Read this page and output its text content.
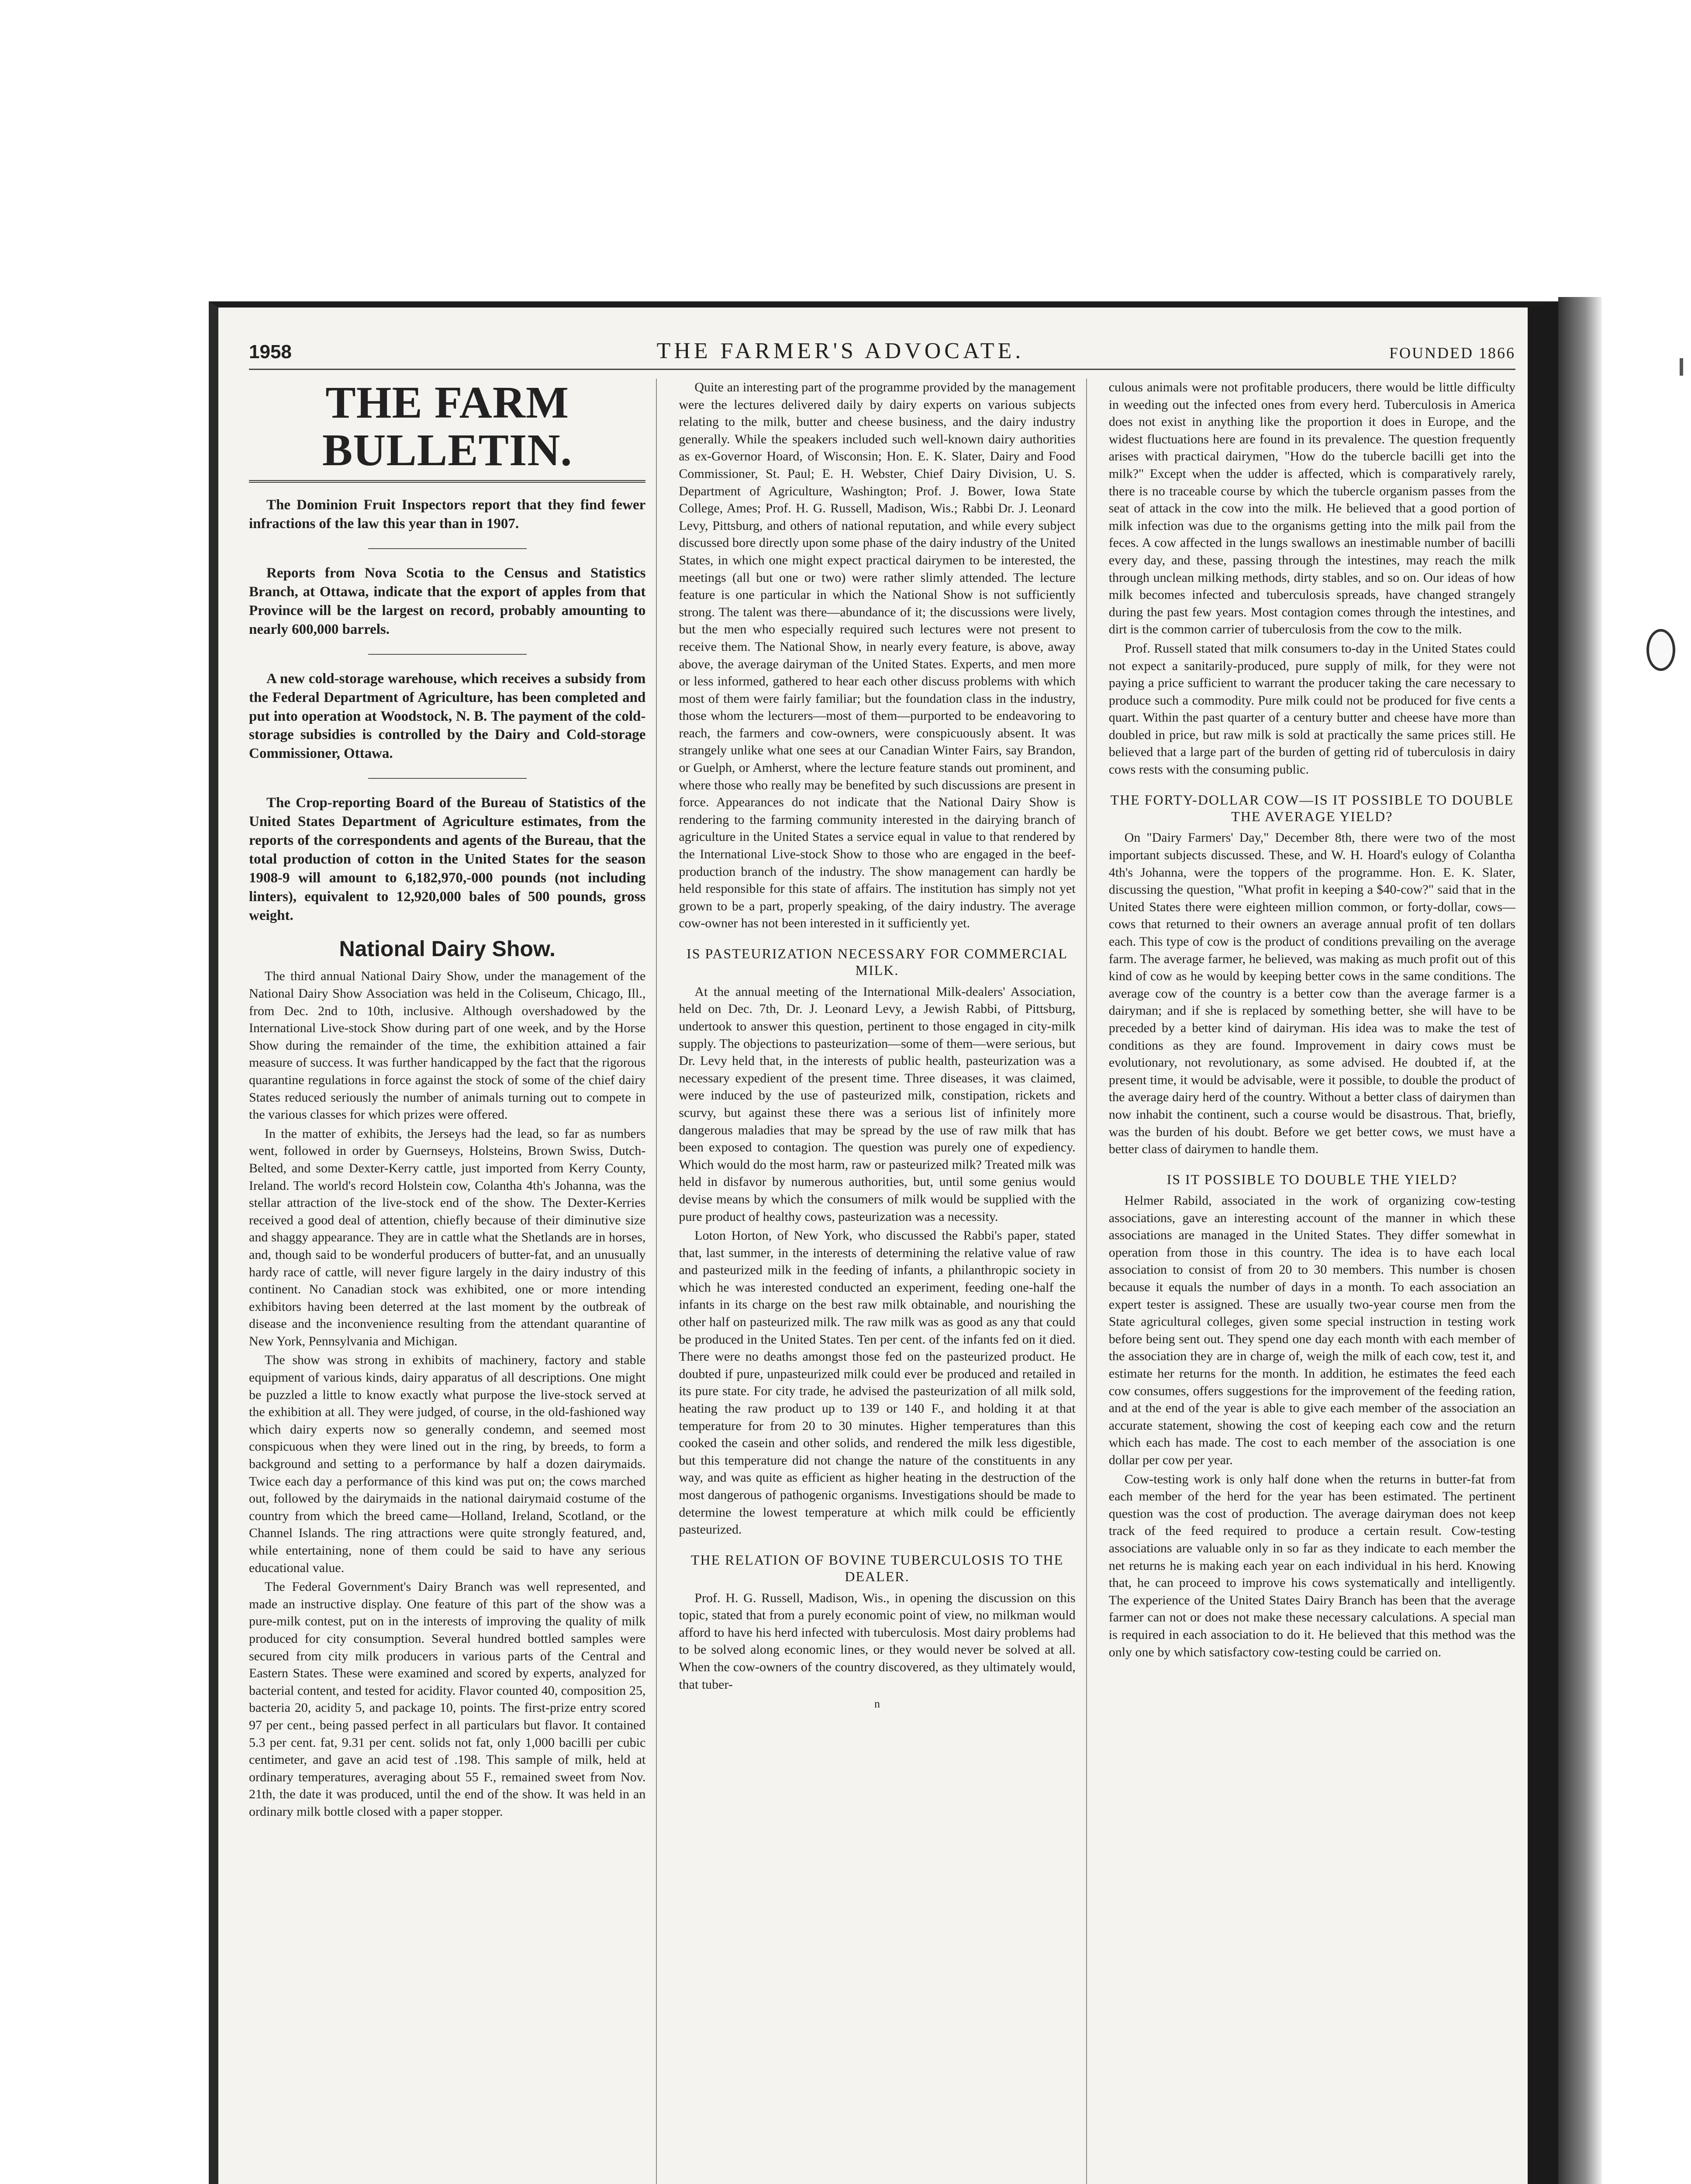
1958	THE FARMER'S ADVOCATE.	FOUNDED 1866
THE FARM BULLETIN.

The Dominion Fruit Inspectors report that they find fewer infractions of the law this year than in 1907.

Reports from Nova Scotia to the Census and Statistics Branch, at Ottawa, indicate that the export of apples from that Province will be the largest on record, probably amounting to nearly 600,000 barrels.

A new cold-storage warehouse, which receives a subsidy from the Federal Department of Agriculture, has been completed and put into operation at Woodstock, N. B. The payment of the cold-storage subsidies is controlled by the Dairy and Cold-storage Commissioner, Ottawa.

The Crop-reporting Board of the Bureau of Statistics of the United States Department of Agriculture estimates, from the reports of the correspondents and agents of the Bureau, that the total production of cotton in the United States for the season 1908-9 will amount to 6,182,970,-000 pounds (not including linters), equivalent to 12,920,000 bales of 500 pounds, gross weight.

National Dairy Show.

The third annual National Dairy Show, under the management of the National Dairy Show Association was held in the Coliseum, Chicago, Ill., from Dec. 2nd to 10th, inclusive. Although overshadowed by the International Live-stock Show during part of one week, and by the Horse Show during the remainder of the time, the exhibition attained a fair measure of success. It was further handicapped by the fact that the rigorous quarantine regulations in force against the stock of some of the chief dairy States reduced seriously the number of animals turning out to compete in the various classes for which prizes were offered.

In the matter of exhibits, the Jerseys had the lead, so far as numbers went, followed in order by Guernseys, Holsteins, Brown Swiss, Dutch-Belted, and some Dexter-Kerry cattle, just imported from Kerry County, Ireland. The world's record Holstein cow, Colantha 4th's Johanna, was the stellar attraction of the live-stock end of the show. The Dexter-Kerries received a good deal of attention, chiefly because of their diminutive size and shaggy appearance. They are in cattle what the Shetlands are in horses, and, though said to be wonderful producers of butter-fat, and an unusually hardy race of cattle, will never figure largely in the dairy industry of this continent. No Canadian stock was exhibited, one or more intending exhibitors having been deterred at the last moment by the outbreak of disease and the inconvenience resulting from the attendant quarantine of New York, Pennsylvania and Michigan.

The show was strong in exhibits of machinery, factory and stable equipment of various kinds, dairy apparatus of all descriptions. One might be puzzled a little to know exactly what purpose the live-stock served at the exhibition at all. They were judged, of course, in the old-fashioned way which dairy experts now so generally condemn, and seemed most conspicuous when they were lined out in the ring, by breeds, to form a background and setting to a performance by half a dozen dairymaids. Twice each day a performance of this kind was put on; the cows marched out, followed by the dairymaids in the national dairymaid costume of the country from which the breed came—Holland, Ireland, Scotland, or the Channel Islands. The ring attractions were quite strongly featured, and, while entertaining, none of them could be said to have any serious educational value.

The Federal Government's Dairy Branch was well represented, and made an instructive display. One feature of this part of the show was a pure-milk contest, put on in the interests of improving the quality of milk produced for city consumption. Several hundred bottled samples were secured from city milk producers in various parts of the Central and Eastern States. These were examined and scored by experts, analyzed for bacterial content, and tested for acidity. Flavor counted 40, composition 25, bacteria 20, acidity 5, and package 10, points. The first-prize entry scored 97 per cent., being passed perfect in all particulars but flavor. It contained 5.3 per cent. fat, 9.31 per cent. solids not fat, only 1,000 bacilli per cubic centimeter, and gave an acid test of .198. This sample of milk, held at ordinary temperatures, averaging about 55 F., remained sweet from Nov. 21th, the date it was produced, until the end of the show. It was held in an ordinary milk bottle closed with a paper stopper.

Quite an interesting part of the programme provided by the management were the lectures delivered daily by dairy experts on various subjects relating to the milk, butter and cheese business, and the dairy industry generally. While the speakers included such well-known dairy authorities as ex-Governor Hoard, of Wisconsin; Hon. E. K. Slater, Dairy and Food Commissioner, St. Paul; E. H. Webster, Chief Dairy Division, U. S. Department of Agriculture, Washington; Prof. J. Bower, Iowa State College, Ames; Prof. H. G. Russell, Madison, Wis.; Rabbi Dr. J. Leonard Levy, Pittsburg, and others of national reputation, and while every subject discussed bore directly upon some phase of the dairy industry of the United States, in which one might expect practical dairymen to be interested, the meetings (all but one or two) were rather slimly attended. The lecture feature is one particular in which the National Show is not sufficiently strong. The talent was there—abundance of it; the discussions were lively, but the men who especially required such lectures were not present to receive them. The National Show, in nearly every feature, is above, away above, the average dairyman of the United States. Experts, and men more or less informed, gathered to hear each other discuss problems with which most of them were fairly familiar; but the foundation class in the industry, those whom the lecturers—most of them—purported to be endeavoring to reach, the farmers and cow-owners, were conspicuously absent. It was strangely unlike what one sees at our Canadian Winter Fairs, say Brandon, or Guelph, or Amherst, where the lecture feature stands out prominent, and where those who really may be benefited by such discussions are present in force. Appearances do not indicate that the National Dairy Show is rendering to the farming community interested in the dairying branch of agriculture in the United States a service equal in value to that rendered by the International Live-stock Show to those who are engaged in the beef-production branch of the industry. The show management can hardly be held responsible for this state of affairs. The institution has simply not yet grown to be a part, properly speaking, of the dairy industry. The average cow-owner has not been interested in it sufficiently yet.

IS PASTEURIZATION NECESSARY FOR COMMERCIAL MILK.

At the annual meeting of the International Milk-dealers' Association, held on Dec. 7th, Dr. J. Leonard Levy, a Jewish Rabbi, of Pittsburg, undertook to answer this question, pertinent to those engaged in city-milk supply. The objections to pasteurization—some of them—were serious, but Dr. Levy held that, in the interests of public health, pasteurization was a necessary expedient of the present time. Three diseases, it was claimed, were induced by the use of pasteurized milk, constipation, rickets and scurvy, but against these there was a serious list of infinitely more dangerous maladies that may be spread by the use of raw milk that has been exposed to contagion. The question was purely one of expediency. Which would do the most harm, raw or pasteurized milk? Treated milk was held in disfavor by numerous authorities, but, until some genius would devise means by which the consumers of milk would be supplied with the pure product of healthy cows, pasteurization was a necessity.

Loton Horton, of New York, who discussed the Rabbi's paper, stated that, last summer, in the interests of determining the relative value of raw and pasteurized milk in the feeding of infants, a philanthropic society in which he was interested conducted an experiment, feeding one-half the infants in its charge on the best raw milk obtainable, and nourishing the other half on pasteurized milk. The raw milk was as good as any that could be produced in the United States. Ten per cent. of the infants fed on it died. There were no deaths amongst those fed on the pasteurized product. He doubted if pure, unpasteurized milk could ever be produced and retailed in its pure state. For city trade, he advised the pasteurization of all milk sold, heating the raw product up to 139 or 140 F., and holding it at that temperature for from 20 to 30 minutes. Higher temperatures than this cooked the casein and other solids, and rendered the milk less digestible, but this temperature did not change the nature of the constituents in any way, and was quite as efficient as higher heating in the destruction of the most dangerous of pathogenic organisms. Investigations should be made to determine the lowest temperature at which milk could be efficiently pasteurized.

THE RELATION OF BOVINE TUBERCULOSIS TO THE DEALER.

Prof. H. G. Russell, Madison, Wis., in opening the discussion on this topic, stated that from a purely economic point of view, no milkman would afford to have his herd infected with tuberculosis. Most dairy problems had to be solved along economic lines, or they would never be solved at all. When the cow-owners of the country discovered, as they ultimately would, that tuber-

n

culous animals were not profitable producers, there would be little difficulty in weeding out the infected ones from every herd. Tuberculosis in America does not exist in anything like the proportion it does in Europe, and the widest fluctuations here are found in its prevalence. The question frequently arises with practical dairymen, "How do the tubercle bacilli get into the milk?" Except when the udder is affected, which is comparatively rarely, there is no traceable course by which the tubercle organism passes from the seat of attack in the cow into the milk. He believed that a good portion of milk infection was due to the organisms getting into the milk pail from the feces. A cow affected in the lungs swallows an inestimable number of bacilli every day, and these, passing through the intestines, may reach the milk through unclean milking methods, dirty stables, and so on. Our ideas of how milk becomes infected and tuberculosis spreads, have changed strangely during the past few years. Most contagion comes through the intestines, and dirt is the common carrier of tuberculosis from the cow to the milk.

Prof. Russell stated that milk consumers to-day in the United States could not expect a sanitarily-produced, pure supply of milk, for they were not paying a price sufficient to warrant the producer taking the care necessary to produce such a commodity. Pure milk could not be produced for five cents a quart. Within the past quarter of a century butter and cheese have more than doubled in price, but raw milk is sold at practically the same prices still. He believed that a large part of the burden of getting rid of tuberculosis in dairy cows rests with the consuming public.

THE FORTY-DOLLAR COW—IS IT POSSIBLE TO DOUBLE THE AVERAGE YIELD?

On "Dairy Farmers' Day," December 8th, there were two of the most important subjects discussed. These, and W. H. Hoard's eulogy of Colantha 4th's Johanna, were the toppers of the programme. Hon. E. K. Slater, discussing the question, "What profit in keeping a $40-cow?" said that in the United States there were eighteen million common, or forty-dollar, cows—cows that returned to their owners an average annual profit of ten dollars each. This type of cow is the product of conditions prevailing on the average farm. The average farmer, he believed, was making as much profit out of this kind of cow as he would by keeping better cows in the same conditions. The average cow of the country is a better cow than the average farmer is a dairyman; and if she is replaced by something better, she will have to be preceded by a better kind of dairyman. His idea was to make the test of conditions as they are found. Improvement in dairy cows must be evolutionary, not revolutionary, as some advised. He doubted if, at the present time, it would be advisable, were it possible, to double the product of the average dairy herd of the country. Without a better class of dairymen than now inhabit the continent, such a course would be disastrous. That, briefly, was the burden of his doubt. Before we get better cows, we must have a better class of dairymen to handle them.

IS IT POSSIBLE TO DOUBLE THE YIELD?

Helmer Rabild, associated in the work of organizing cow-testing associations, gave an interesting account of the manner in which these associations are managed in the United States. They differ somewhat in operation from those in this country. The idea is to have each local association to consist of from 20 to 30 members. This number is chosen because it equals the number of days in a month. To each association an expert tester is assigned. These are usually two-year course men from the State agricultural colleges, given some special instruction in testing work before being sent out. They spend one day each month with each member of the association they are in charge of, weigh the milk of each cow, test it, and estimate her returns for the month. In addition, he estimates the feed each cow consumes, offers suggestions for the improvement of the feeding ration, and at the end of the year is able to give each member of the association an accurate statement, showing the cost of keeping each cow and the return which each has made. The cost to each member of the association is one dollar per cow per year.

Cow-testing work is only half done when the returns in butter-fat from each member of the herd for the year has been estimated. The pertinent question was the cost of production. The average dairyman does not keep track of the feed required to produce a certain result. Cow-testing associations are valuable only in so far as they indicate to each member the net returns he is making each year on each individual in his herd. Knowing that, he can proceed to improve his cows systematically and intelligently. The experience of the United States Dairy Branch has been that the average farmer can not or does not make these necessary calculations. A special man is required in each association to do it. He believed that this method was the only one by which satisfactory cow-testing could be carried on.
